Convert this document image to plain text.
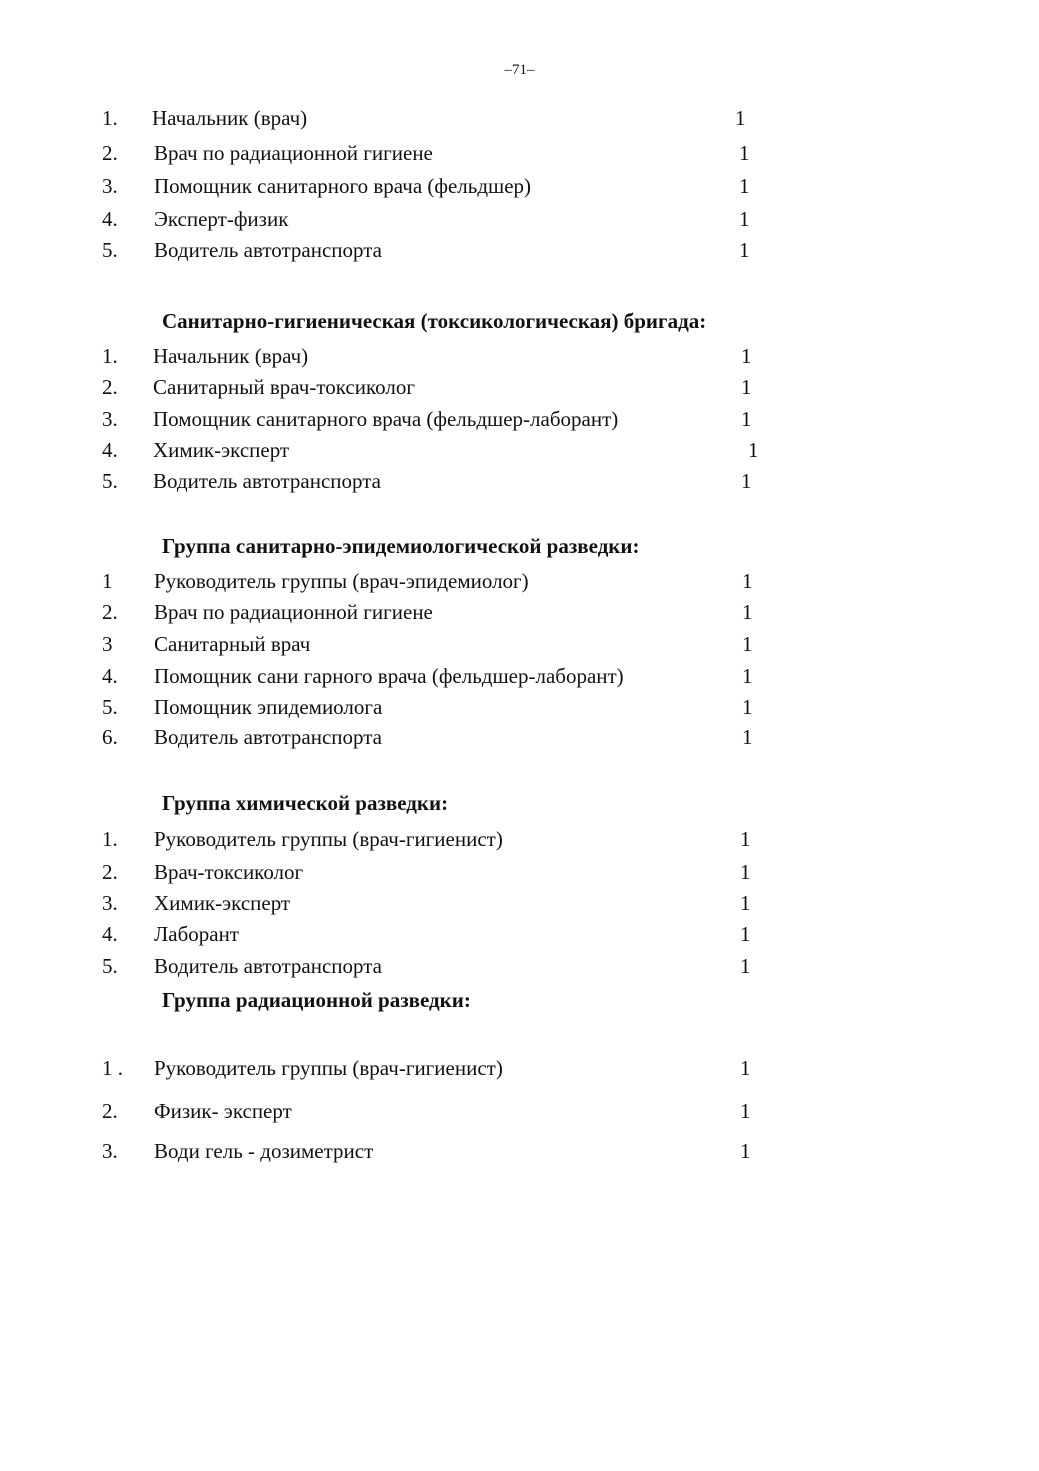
–71–
1. Начальник (врач)	1
2. Врач по радиационной гигиене	1
3. Помощник санитарного врача (фельдшер)	1
4. Эксперт-физик	1
5. Водитель автотранспорта	1
Санитарно-гигиеническая (токсикологическая) бригада:
1. Начальник (врач)	1
2. Санитарный врач-токсиколог	1
3. Помощник санитарного врача (фельдшер-лаборант)	1
4. Химик-эксперт	1
5. Водитель автотранспорта	1
Группа санитарно-эпидемиологической разведки:
1 Руководитель группы (врач-эпидемиолог)	1
2. Врач по радиационной гигиене	1
3 Санитарный врач	1
4. Помощник сани гарного врача (фельдшер-лаборант)	1
5. Помощник эпидемиолога	1
6. Водитель автотранспорта	1
Группа химической разведки:
1. Руководитель группы (врач-гигиенист)	1
2. Врач-токсиколог	1
3. Химик-эксперт	1
4. Лаборант	1
5. Водитель автотранспорта	1
Группа радиационной разведки:
1 . Руководитель группы (врач-гигиенист)	1
2. Физик- эксперт	1
3. Води гель - дозиметрист	1
